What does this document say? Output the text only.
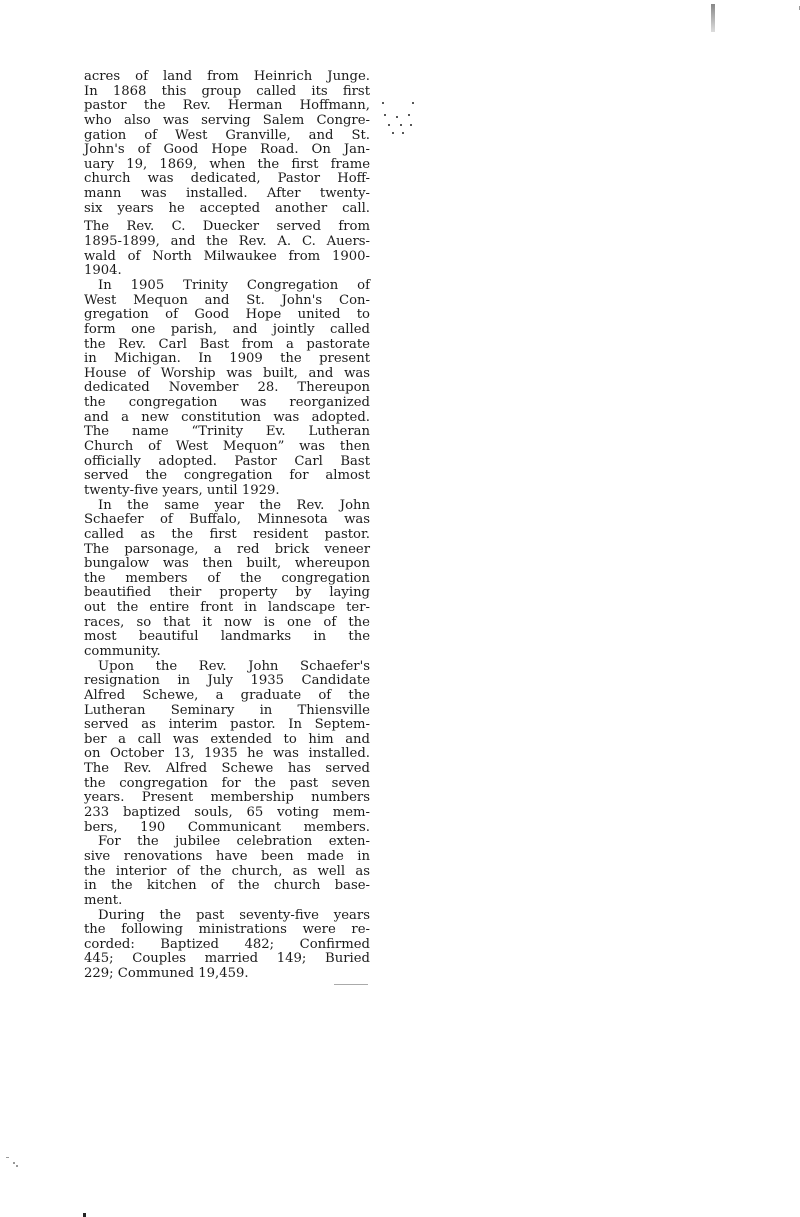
acres of land from Heinrich Junge.
In 1868 this group called its first
pastor the Rev. Herman Hoffmann,
who also was serving Salem Congre-
gation of West Granville, and St.
John's of Good Hope Road. On Jan-
uary 19, 1869, when the first frame
church was dedicated, Pastor Hoff-
mann was installed. After twenty-
six years he accepted another call.

The Rev. C. Duecker served from
1895-1899, and the Rev. A. C. Auers-
wald of North Milwaukee from 1900-
1904.

In 1905 Trinity Congregation of
West Mequon and St. John's Con-
gregation of Good Hope united to
form one parish, and jointly called
the Rev. Carl Bast from a pastorate
in Michigan. In 1909 the present
House of Worship was built, and was
dedicated November 28. Thereupon
the congregation was reorganized
and a new constitution was adopted.
The name “Trinity Ev. Lutheran
Church of West Mequon” was then
officially adopted. Pastor Carl Bast
served the congregation for almost
twenty-five years, until 1929.

In the same year the Rev. John
Schaefer of Buffalo, Minnesota was
called as the first resident pastor.
The parsonage, a red brick veneer
bungalow was then built, whereupon
the members of the congregation
beautified their property by laying
out the entire front in landscape ter-
races, so that it now is one of the
most beautiful landmarks in the
community.

Upon the Rev. John Schaefer's
resignation in July 1935 Candidate
Alfred Schewe, a graduate of the
Lutheran Seminary in Thiensville
served as interim pastor. In Septem-
ber a call was extended to him and
on October 13, 1935 he was installed.
The Rev. Alfred Schewe has served
the congregation for the past seven
years. Present membership numbers
233 baptized souls, 65 voting mem-
bers, 190 Communicant members.

For the jubilee celebration exten-
sive renovations have been made in
the interior of the church, as well as
in the kitchen of the church base-
ment.

During the past seventy-five years
the following ministrations were re-
corded: Baptized 482; Confirmed
445; Couples married 149; Buried
229; Communed 19,459.
